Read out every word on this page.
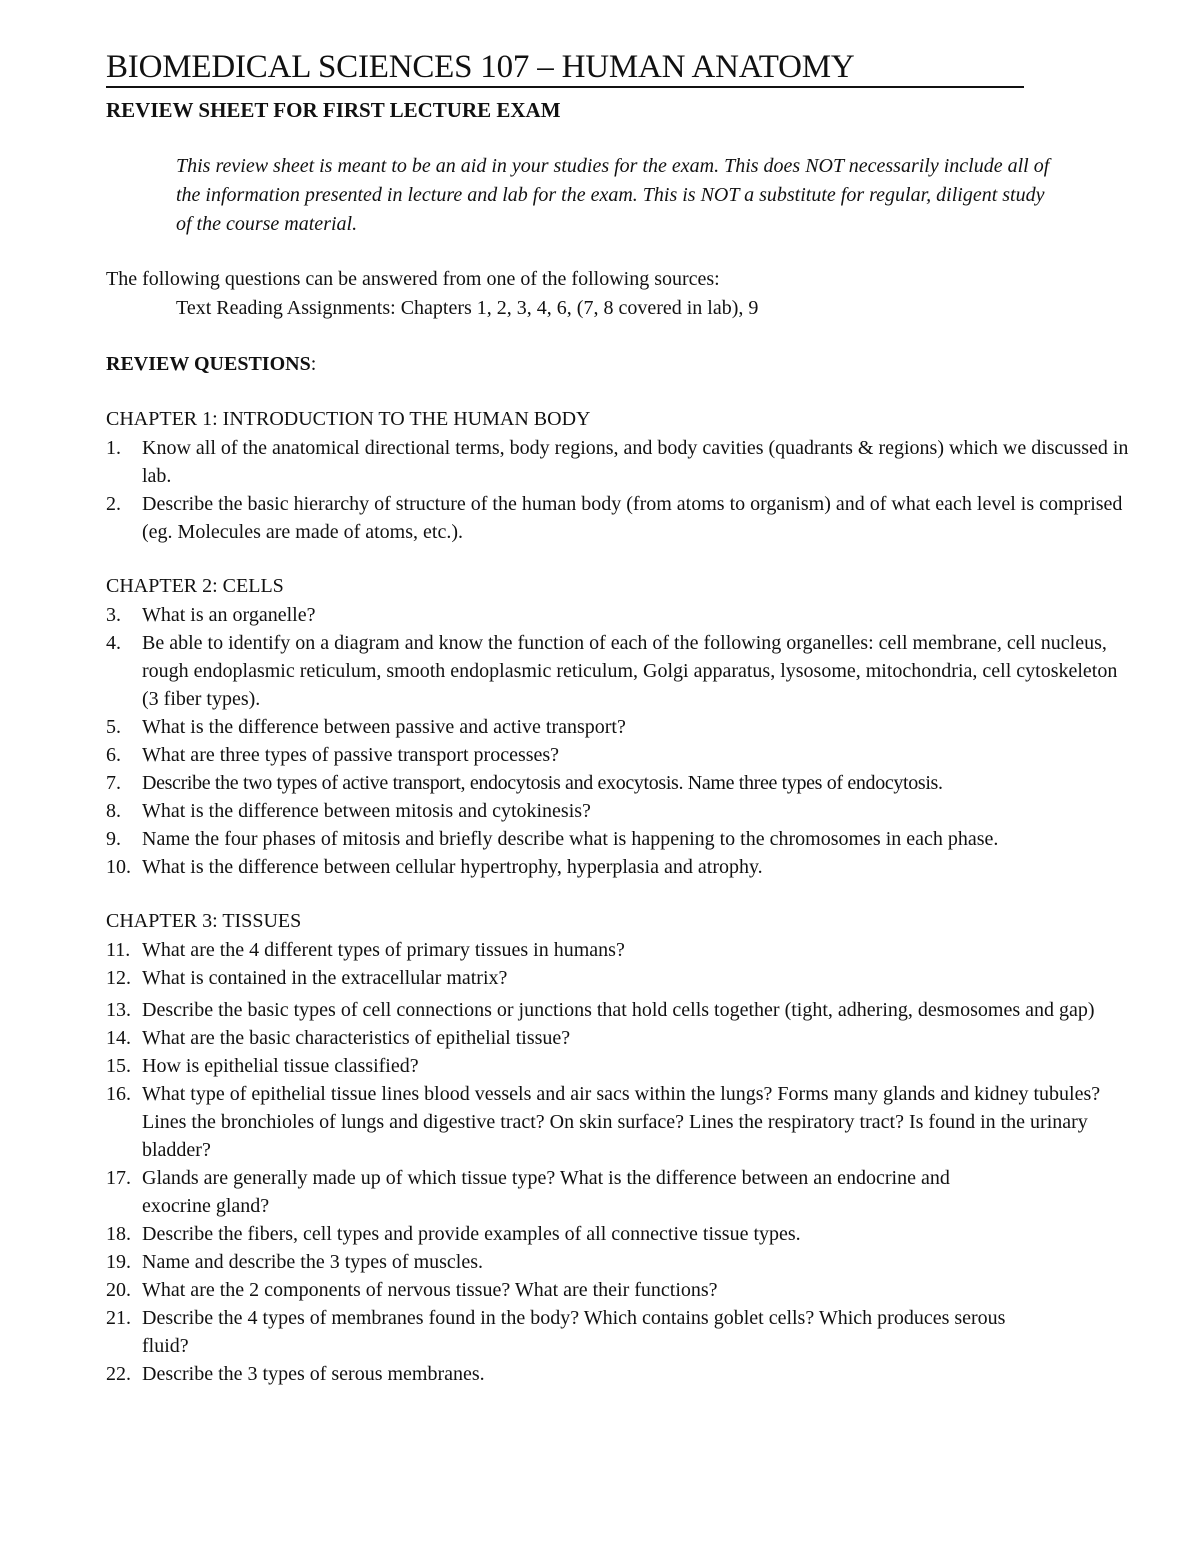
BIOMEDICAL SCIENCES 107 – HUMAN ANATOMY
REVIEW SHEET FOR FIRST LECTURE EXAM

This review sheet is meant to be an aid in your studies for the exam. This does NOT necessarily include all of the information presented in lecture and lab for the exam. This is NOT a substitute for regular, diligent study of the course material.

The following questions can be answered from one of the following sources:

Text Reading Assignments: Chapters 1, 2, 3, 4, 6, (7, 8 covered in lab), 9

REVIEW QUESTIONS:
CHAPTER 1: INTRODUCTION TO THE HUMAN BODY
1.	Know all of the anatomical directional terms, body regions, and body cavities (quadrants & regions) which we discussed in lab.
2.	Describe the basic hierarchy of structure of the human body (from atoms to organism) and of what each level is comprised (eg. Molecules are made of atoms, etc.).
CHAPTER 2: CELLS
3.	What is an organelle?
4.	Be able to identify on a diagram and know the function of each of the following organelles: cell membrane, cell nucleus, rough endoplasmic reticulum, smooth endoplasmic reticulum, Golgi apparatus, lysosome, mitochondria, cell cytoskeleton (3 fiber types).
5.	What is the difference between passive and active transport?
6.	What are three types of passive transport processes?
7.	Describe the two types of active transport, endocytosis and exocytosis. Name three types of endocytosis.
8.	What is the difference between mitosis and cytokinesis?
9.	Name the four phases of mitosis and briefly describe what is happening to the chromosomes in each phase.
10. What is the difference between cellular hypertrophy, hyperplasia and atrophy.
CHAPTER 3: TISSUES
11. What are the 4 different types of primary tissues in humans?
12. What is contained in the extracellular matrix?
13. Describe the basic types of cell connections or junctions that hold cells together (tight, adhering, desmosomes and gap)
14. What are the basic characteristics of epithelial tissue?
15. How is epithelial tissue classified?
16. What type of epithelial tissue lines blood vessels and air sacs within the lungs? Forms many glands and kidney tubules? Lines the bronchioles of lungs and digestive tract? On skin surface? Lines the respiratory tract? Is found in the urinary bladder?
17. Glands are generally made up of which tissue type? What is the difference between an endocrine and exocrine gland?
18. Describe the fibers, cell types and provide examples of all connective tissue types.
19. Name and describe the 3 types of muscles.
20. What are the 2 components of nervous tissue? What are their functions?
21. Describe the 4 types of membranes found in the body? Which contains goblet cells? Which produces serous fluid?
22. Describe the 3 types of serous membranes.
